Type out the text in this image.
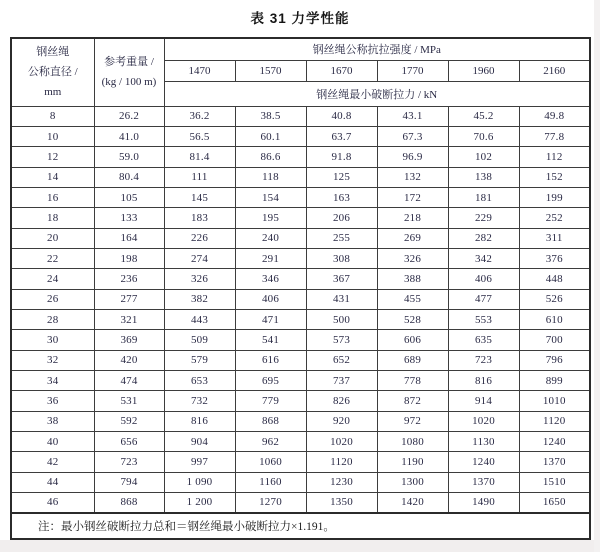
表 31 力学性能
钢丝绳
公称直径 /
mm

参考重量 /
(kg / 100 m)
	钢丝绳公称抗拉强度 / MPa
		1470	1570	1670	1770	1960	2160
		钢丝绳最小破断拉力 / kN					
8	26.2	36.2	38.5	40.8	43.1	45.2	49.8
10	41.0	56.5	60.1	63.7	67.3	70.6	77.8
12	59.0	81.4	86.6	91.8	96.9	102	112
14	80.4	111	118	125	132	138	152
16	105	145	154	163	172	181	199
18	133	183	195	206	218	229	252
20	164	226	240	255	269	282	311
22	198	274	291	308	326	342	376
24	236	326	346	367	388	406	448
26	277	382	406	431	455	477	526
28	321	443	471	500	528	553	610
30	369	509	541	573	606	635	700
32	420	579	616	652	689	723	796
34	474	653	695	737	778	816	899
36	531	732	779	826	872	914	1010
38	592	816	868	920	972	1020	1120
40	656	904	962	1020	1080	1130	1240
42	723	997	1060	1120	1190	1240	1370
44	794	1 090	1160	1230	1300	1370	1510
46	868	1 200	1270	1350	1420	1490	1650
注：最小钢丝破断拉力总和＝钢丝绳最小破断拉力×1.191。							
